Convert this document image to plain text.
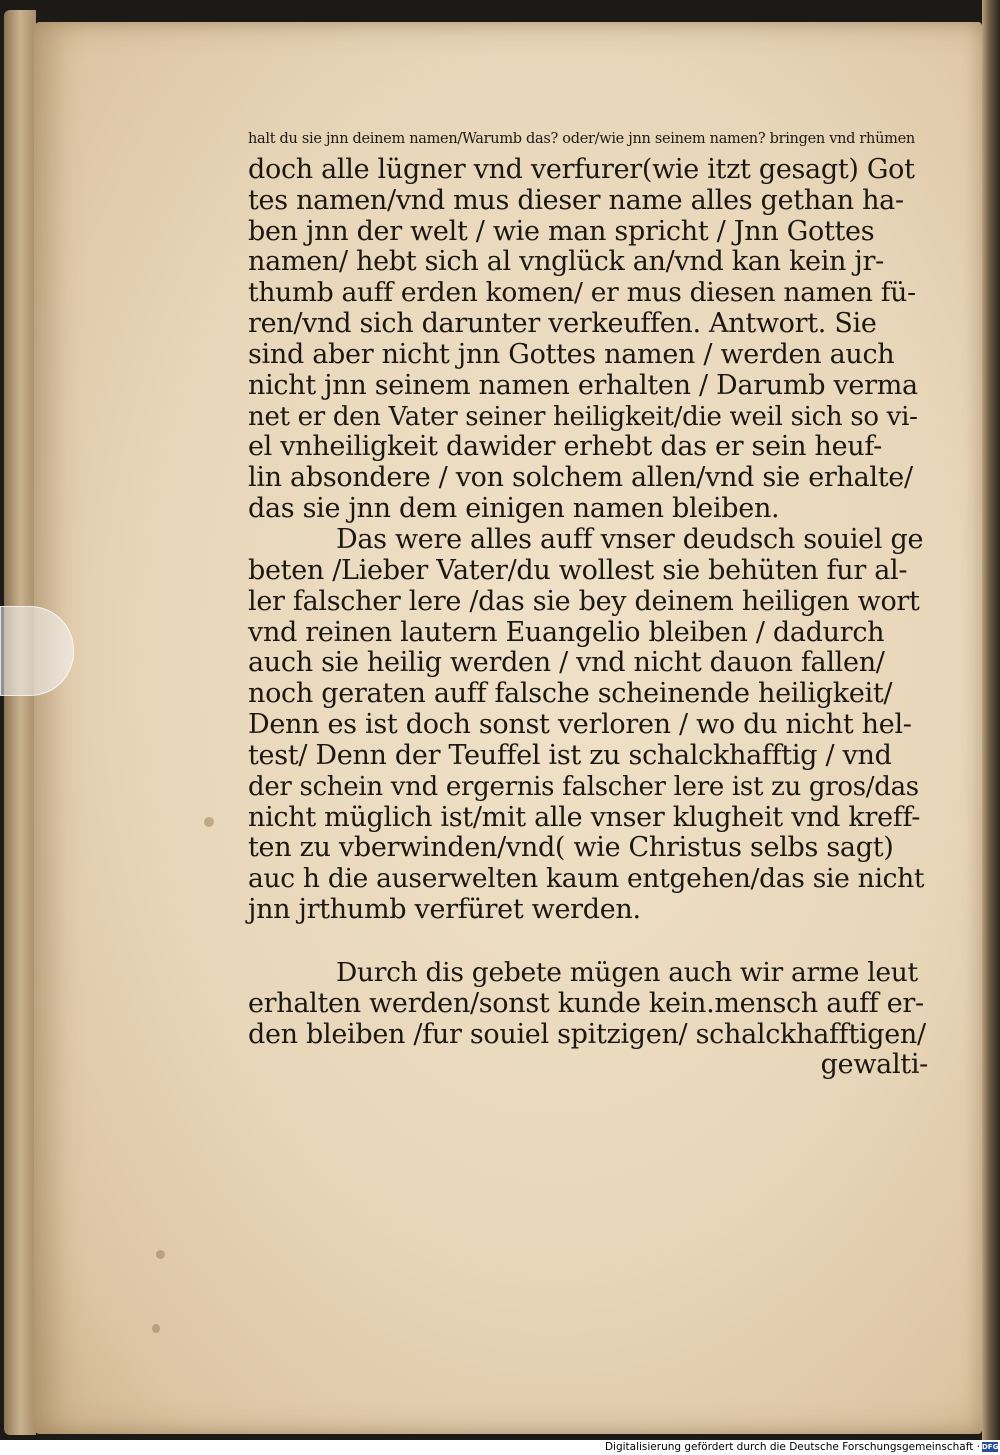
halt du sie jnn deinem namen/Warumb das? oder/wie jnn seinem namen? bringen vnd rhümen
doch alle lügner vnd verfurer(wie itzt gesagt) Got
tes namen/vnd mus dieser name alles gethan ha-
ben jnn der welt / wie man spricht / Jnn Gottes
namen/ hebt sich al vnglück an/vnd kan kein jr-
thumb auff erden komen/ er mus diesen namen fü-
ren/vnd sich darunter verkeuffen. Antwort. Sie
sind aber nicht jnn Gottes namen / werden auch
nicht jnn seinem namen erhalten / Darumb verma
net er den Vater seiner heiligkeit/die weil sich so vi-
el vnheiligkeit dawider erhebt das er sein heuf-
lin absondere / von solchem allen/vnd sie erhalte/
das sie jnn dem einigen namen bleiben.
Das were alles auff vnser deudsch souiel ge
beten /Lieber Vater/du wollest sie behüten fur al-
ler falscher lere /das sie bey deinem heiligen wort
vnd reinen lautern Euangelio bleiben / dadurch
auch sie heilig werden / vnd nicht dauon fallen/
noch geraten auff falsche scheinende heiligkeit/
Denn es ist doch sonst verloren / wo du nicht hel-
test/ Denn der Teuffel ist zu schalckhafftig / vnd
der schein vnd ergernis falscher lere ist zu gros/das
nicht müglich ist/mit alle vnser klugheit vnd kreff-
ten zu vberwinden/vnd( wie Christus selbs sagt)
auc h die auserwelten kaum entgehen/das sie nicht
jnn jrthumb verfüret werden.
Durch dis gebete mügen auch wir arme leut
erhalten werden/sonst kunde kein.mensch auff er-
den bleiben /fur souiel spitzigen/ schalckhafftigen/
gewalti-
Digitalisierung gefördert durch die Deutsche Forschungsgemeinschaft · DFG
